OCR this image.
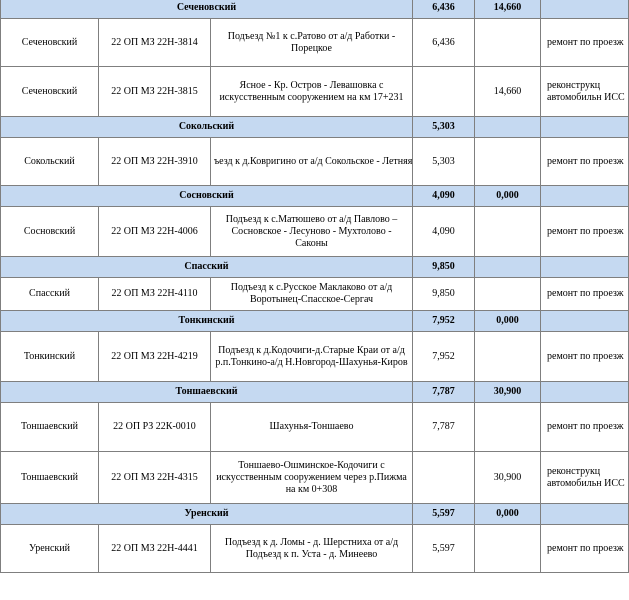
Сеченовский			6,436	14,660	
Сеченовский	22 ОП МЗ 22Н-3814	Подъезд №1 к с.Ратово от а/д Работки - Порецкое	6,436		ремонт по проезж
Сеченовский	22 ОП МЗ 22Н-3815	Ясное - Кр. Остров - Левашовка с искусственным сооружением на км 17+231		14,660	реконструкц автомобильн ИСС
Сокольский			5,303		
Сокольский	22 ОП МЗ 22Н-3910	ъезд к д.Ковригино от а/д Сокольское - Летняя	5,303		ремонт по проезж
Сосновский			4,090	0,000	
Сосновский	22 ОП МЗ 22Н-4006	Подъезд к с.Матюшево от а/д Павлово – Сосновское - Лесуново - Мухтолово - Саконы	4,090		ремонт по проезж
Спасский			9,850		
Спасский	22 ОП МЗ 22Н-4110	Подъезд к с.Русское Маклаково от а/д Воротынец-Спасское-Сергач	9,850		ремонт по проезж
Тонкинский			7,952	0,000	
Тонкинский	22 ОП МЗ 22Н-4219	Подъезд к д.Кодочиги-д.Старые Краи от а/д р.п.Тонкино-а/д Н.Новгород-Шахунья-Киров	7,952		ремонт по проезж
Тоншаевский			7,787	30,900	
Тоншаевский	22 ОП РЗ 22К-0010	Шахунья-Тоншаево	7,787		ремонт по проезж
Тоншаевский	22 ОП МЗ 22Н-4315	Тоншаево-Ошминское-Кодочиги с искусственным сооружением через р.Пижма на км 0+308		30,900	реконструкц автомобильн ИСС
Уренский			5,597	0,000	
Уренский	22 ОП МЗ 22Н-4441	Подъезд к д. Ломы - д. Шерстниха от а/д Подъезд к п. Уста - д. Минеево	5,597		ремонт по проезж
